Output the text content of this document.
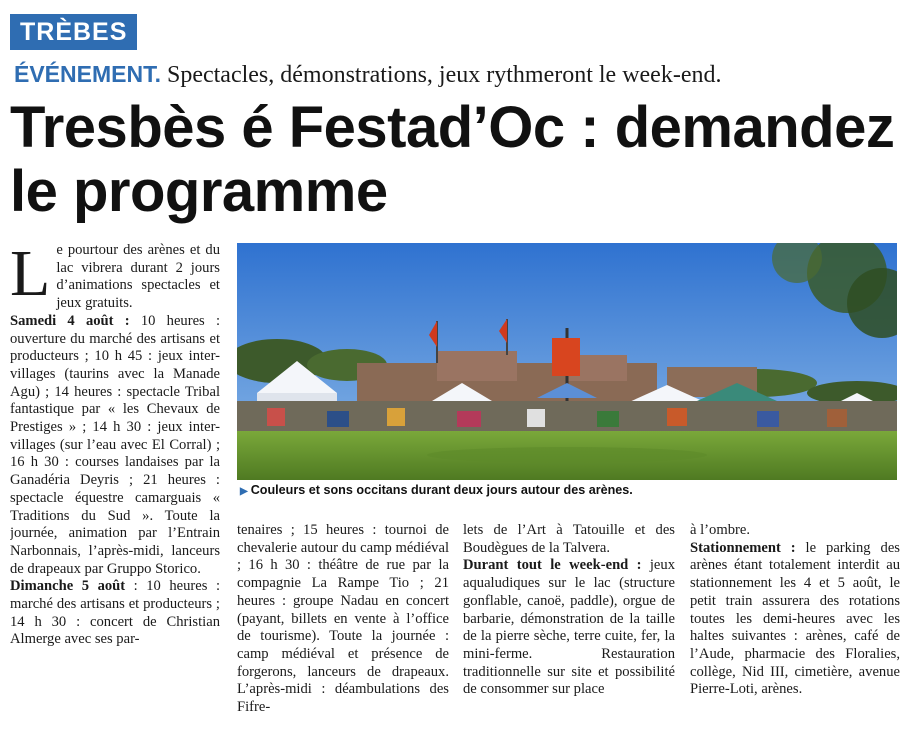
TRÈBES
ÉVÉNEMENT. Spectacles, démonstrations, jeux rythmeront le week-end.
Tresbès é Festad’Oc : demandez le programme

Le pourtour des arènes et du lac vibrera durant 2 jours d’animations spectacles et jeux gratuits.

Samedi 4 août : 10 heures : ouverture du marché des artisans et producteurs ; 10 h 45 : jeux inter-villages (taurins avec la Manade Agu) ; 14 heures : spectacle Tribal fantastique par « les Chevaux de Prestiges » ; 14 h 30 : jeux inter-villages (sur l’eau avec El Corral) ; 16 h 30 : courses landaises par la Ganadéria Deyris ; 21 heures : spectacle équestre camarguais « Traditions du Sud ». Toute la journée, animation par l’Entrain Narbonnais, l’après-midi, lanceurs de drapeaux par Gruppo Storico.

Dimanche 5 août : 10 heures : marché des artisans et producteurs ; 14 h 30 : concert de Christian Almerge avec ses par-

▶ Couleurs et sons occitans durant deux jours autour des arènes.

tenaires ; 15 heures : tournoi de chevalerie autour du camp médiéval ; 16 h 30 : théâtre de rue par la compagnie La Rampe Tio ; 21 heures : groupe Nadau en concert (payant, billets en vente à l’office de tourisme). Toute la journée : camp médiéval et présence de forgerons, lanceurs de drapeaux. L’après-midi : déambulations des Fifre-

lets de l’Art à Tatouille et des Boudègues de la Talvera.

Durant tout le week-end : jeux aqualudiques sur le lac (structure gonflable, canoë, paddle), orgue de barbarie, démonstration de la taille de la pierre sèche, terre cuite, fer, la mini-ferme. Restauration traditionnelle sur site et possibilité de consommer sur place

à l’ombre.

Stationnement : le parking des arènes étant totalement interdit au stationnement les 4 et 5 août, le petit train assurera des rotations toutes les demi-heures avec les haltes suivantes : arènes, café de l’Aude, pharmacie des Floralies, collège, Nid III, cimetière, avenue Pierre-Loti, arènes.
